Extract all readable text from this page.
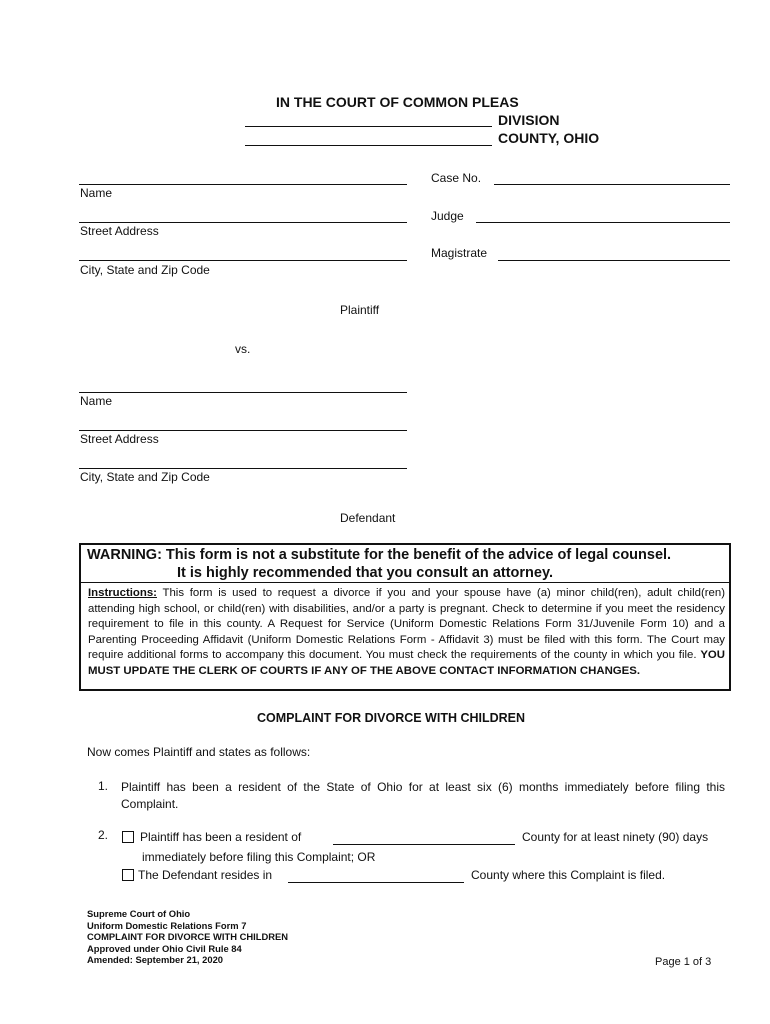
IN THE COURT OF COMMON PLEAS
DIVISION
COUNTY, OHIO
Name
Street Address
City, State and Zip Code
Plaintiff
Case No.
Judge
Magistrate
vs.
Name
Street Address
City, State and Zip Code
Defendant
WARNING: This form is not a substitute for the benefit of the advice of legal counsel.
It is highly recommended that you consult an attorney.
Instructions: This form is used to request a divorce if you and your spouse have (a) minor child(ren), adult child(ren) attending high school, or child(ren) with disabilities, and/or a party is pregnant. Check to determine if you meet the residency requirement to file in this county. A Request for Service (Uniform Domestic Relations Form 31/Juvenile Form 10) and a Parenting Proceeding Affidavit (Uniform Domestic Relations Form - Affidavit 3) must be filed with this form. The Court may require additional forms to accompany this document. You must check the requirements of the county in which you file. YOU MUST UPDATE THE CLERK OF COURTS IF ANY OF THE ABOVE CONTACT INFORMATION CHANGES.
COMPLAINT FOR DIVORCE WITH CHILDREN
Now comes Plaintiff and states as follows:
1. Plaintiff has been a resident of the State of Ohio for at least six (6) months immediately before filing this Complaint.
2.	Plaintiff has been a resident of	County for at least ninety (90) days
immediately before filing this Complaint; OR
The Defendant resides in	County where this Complaint is filed.
Supreme Court of Ohio
Uniform Domestic Relations Form 7
COMPLAINT FOR DIVORCE WITH CHILDREN
Approved under Ohio Civil Rule 84
Amended: September 21, 2020	Page 1 of 3
